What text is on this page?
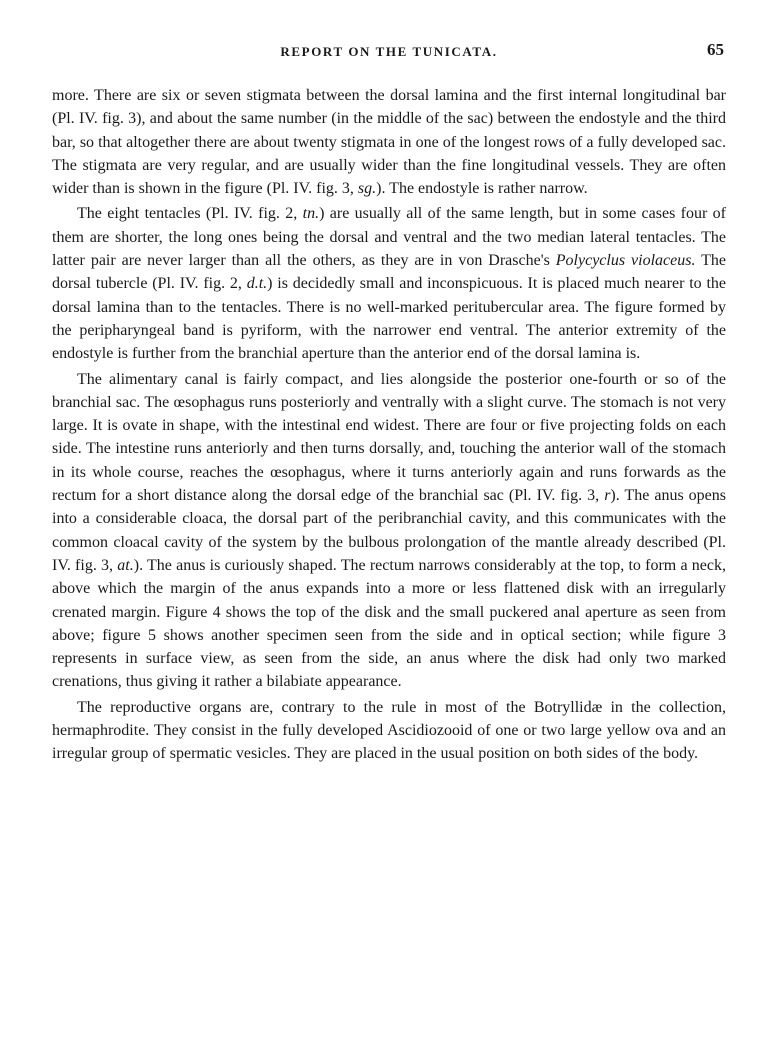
REPORT ON THE TUNICATA.	65

more. There are six or seven stigmata between the dorsal lamina and the first internal longitudinal bar (Pl. IV. fig. 3), and about the same number (in the middle of the sac) between the endostyle and the third bar, so that altogether there are about twenty stigmata in one of the longest rows of a fully developed sac. The stigmata are very regular, and are usually wider than the fine longitudinal vessels. They are often wider than is shown in the figure (Pl. IV. fig. 3, sg.). The endostyle is rather narrow.

The eight tentacles (Pl. IV. fig. 2, tn.) are usually all of the same length, but in some cases four of them are shorter, the long ones being the dorsal and ventral and the two median lateral tentacles. The latter pair are never larger than all the others, as they are in von Drasche's Polycyclus violaceus. The dorsal tubercle (Pl. IV. fig. 2, d.t.) is decidedly small and inconspicuous. It is placed much nearer to the dorsal lamina than to the tentacles. There is no well-marked peritubercular area. The figure formed by the peripharyngeal band is pyriform, with the narrower end ventral. The anterior extremity of the endostyle is further from the branchial aperture than the anterior end of the dorsal lamina is.

The alimentary canal is fairly compact, and lies alongside the posterior one-fourth or so of the branchial sac. The œsophagus runs posteriorly and ventrally with a slight curve. The stomach is not very large. It is ovate in shape, with the intestinal end widest. There are four or five projecting folds on each side. The intestine runs anteriorly and then turns dorsally, and, touching the anterior wall of the stomach in its whole course, reaches the œsophagus, where it turns anteriorly again and runs forwards as the rectum for a short distance along the dorsal edge of the branchial sac (Pl. IV. fig. 3, r). The anus opens into a considerable cloaca, the dorsal part of the peribranchial cavity, and this communicates with the common cloacal cavity of the system by the bulbous prolongation of the mantle already described (Pl. IV. fig. 3, at.). The anus is curiously shaped. The rectum narrows considerably at the top, to form a neck, above which the margin of the anus expands into a more or less flattened disk with an irregularly crenated margin. Figure 4 shows the top of the disk and the small puckered anal aperture as seen from above; figure 5 shows another specimen seen from the side and in optical section; while figure 3 represents in surface view, as seen from the side, an anus where the disk had only two marked crenations, thus giving it rather a bilabiate appearance.

The reproductive organs are, contrary to the rule in most of the Botryllidæ in the collection, hermaphrodite. They consist in the fully developed Ascidiozooid of one or two large yellow ova and an irregular group of spermatic vesicles. They are placed in the usual position on both sides of the body.
